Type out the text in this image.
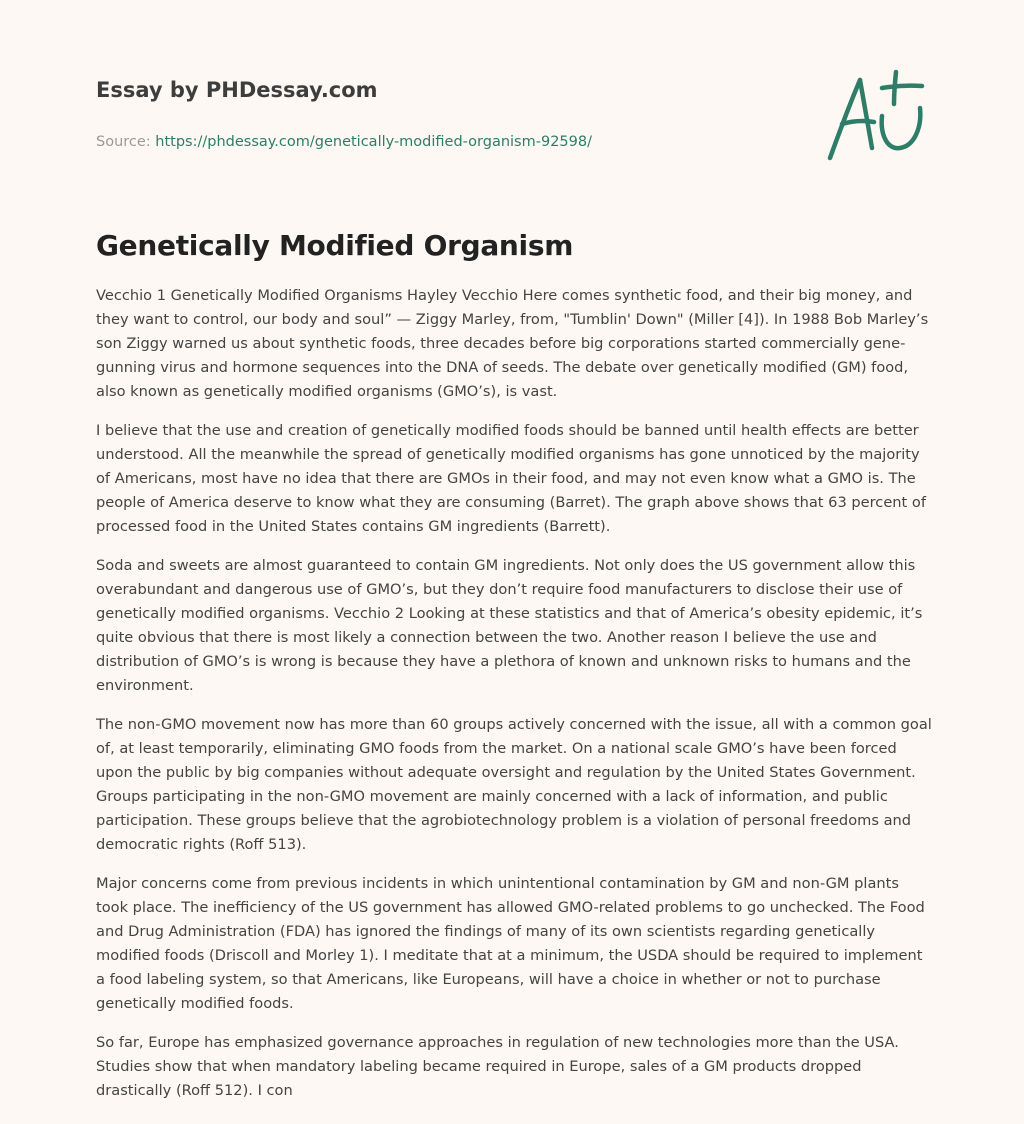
Essay by PHDessay.com
Source: https://phdessay.com/genetically-modified-organism-92598/
Genetically Modified Organism

Vecchio 1 Genetically Modified Organisms Hayley Vecchio Here comes synthetic food, and their big money, and they want to control, our body and soul” — Ziggy Marley, from, "Tumblin' Down" (Miller [4]). In 1988 Bob Marley’s son Ziggy warned us about synthetic foods, three decades before big corporations started commercially gene-gunning virus and hormone sequences into the DNA of seeds. The debate over genetically modified (GM) food, also known as genetically modified organisms (GMO’s), is vast.

I believe that the use and creation of genetically modified foods should be banned until health effects are better understood. All the meanwhile the spread of genetically modified organisms has gone unnoticed by the majority of Americans, most have no idea that there are GMOs in their food, and may not even know what a GMO is. The people of America deserve to know what they are consuming (Barret). The graph above shows that 63 percent of processed food in the United States contains GM ingredients (Barrett).

Soda and sweets are almost guaranteed to contain GM ingredients. Not only does the US government allow this overabundant and dangerous use of GMO’s, but they don’t require food manufacturers to disclose their use of genetically modified organisms. Vecchio 2 Looking at these statistics and that of America’s obesity epidemic, it’s quite obvious that there is most likely a connection between the two. Another reason I believe the use and distribution of GMO’s is wrong is because they have a plethora of known and unknown risks to humans and the environment.

The non-GMO movement now has more than 60 groups actively concerned with the issue, all with a common goal of, at least temporarily, eliminating GMO foods from the market. On a national scale GMO’s have been forced upon the public by big companies without adequate oversight and regulation by the United States Government. Groups participating in the non-GMO movement are mainly concerned with a lack of information, and public participation. These groups believe that the agrobiotechnology problem is a violation of personal freedoms and democratic rights (Roff 513).

Major concerns come from previous incidents in which unintentional contamination by GM and non-GM plants took place. The inefficiency of the US government has allowed GMO-related problems to go unchecked. The Food and Drug Administration (FDA) has ignored the findings of many of its own scientists regarding genetically modified foods (Driscoll and Morley 1). I meditate that at a minimum, the USDA should be required to implement a food labeling system, so that Americans, like Europeans, will have a choice in whether or not to purchase genetically modified foods.

So far, Europe has emphasized governance approaches in regulation of new technologies more than the USA. Studies show that when mandatory labeling became required in Europe, sales of a GM products dropped drastically (Roff 512). I con
